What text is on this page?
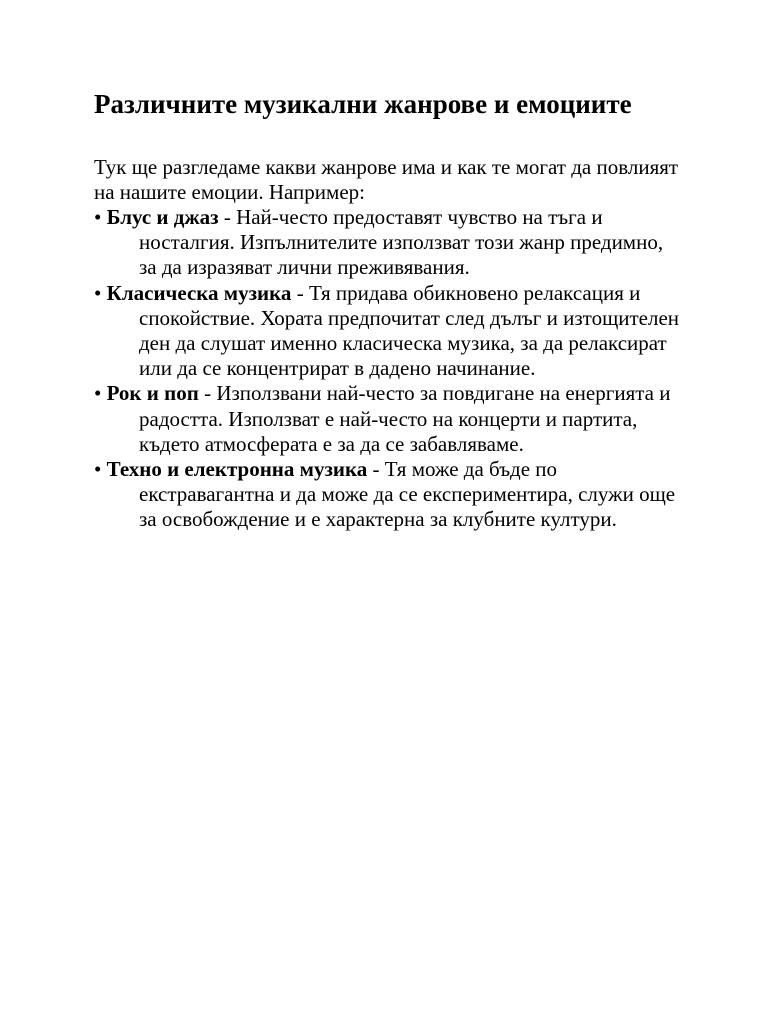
Различните музикални жанрове и емоциите

Тук ще разгледаме какви жанрове има и как те могат да повлияят на нашите емоции. Например:

• Блус и джаз - Най-често предоставят чувство на тъга и носталгия. Изпълнителите използват този жанр предимно, за да изразяват лични преживявания.
• Класическа музика - Тя придава обикновено релаксация и спокойствие. Хората предпочитат след дълъг и изтощителен ден да слушат именно класическа музика, за да релаксират или да се концентрират в дадено начинание.
• Рок и поп - Използвани най-често за повдигане на енергията и радостта. Използват е най-често на концерти и партита, където атмосферата е за да се забавляваме.
• Техно и електронна музика - Тя може да бъде по екстравагантна и да може да се експериментира, служи още за освобождение и е характерна за клубните култури.
